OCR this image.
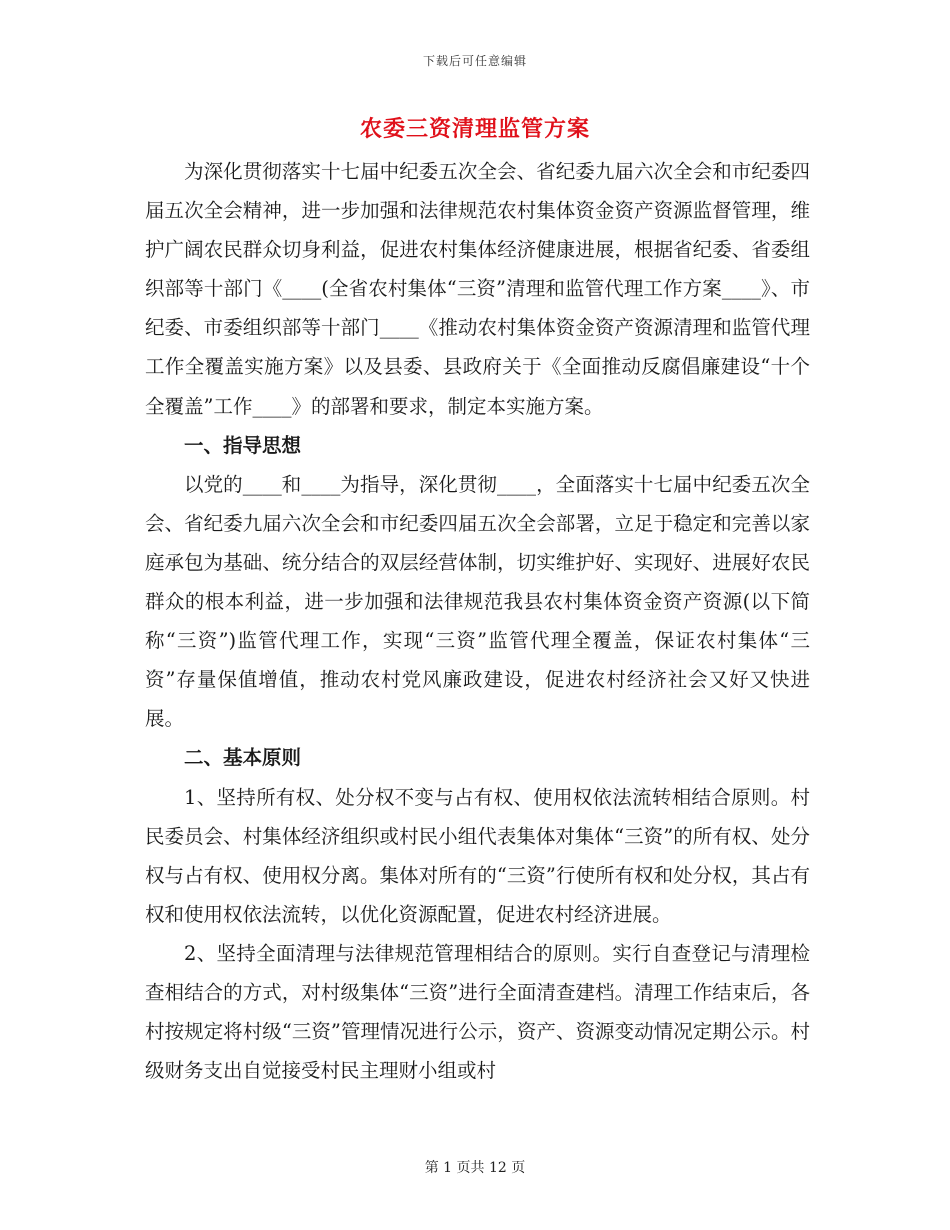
下载后可任意编辑
农委三资清理监管方案

为深化贯彻落实十七届中纪委五次全会、省纪委九届六次全会和市纪委四届五次全会精神，进一步加强和法律规范农村集体资金资产资源监督管理，维护广阔农民群众切身利益，促进农村集体经济健康进展，根据省纪委、省委组织部等十部门《____(全省农村集体“三资”清理和监管代理工作方案____》、市纪委、市委组织部等十部门____《推动农村集体资金资产资源清理和监管代理工作全覆盖实施方案》以及县委、县政府关于《全面推动反腐倡廉建设“十个全覆盖”工作____》的部署和要求，制定本实施方案。

一、指导思想

以党的____和____为指导，深化贯彻____，全面落实十七届中纪委五次全会、省纪委九届六次全会和市纪委四届五次全会部署，立足于稳定和完善以家庭承包为基础、统分结合的双层经营体制，切实维护好、实现好、进展好农民群众的根本利益，进一步加强和法律规范我县农村集体资金资产资源(以下简称“三资”)监管代理工作，实现“三资”监管代理全覆盖，保证农村集体“三资”存量保值增值，推动农村党风廉政建设，促进农村经济社会又好又快进展。

二、基本原则

1、坚持所有权、处分权不变与占有权、使用权依法流转相结合原则。村民委员会、村集体经济组织或村民小组代表集体对集体“三资”的所有权、处分权与占有权、使用权分离。集体对所有的“三资”行使所有权和处分权，其占有权和使用权依法流转，以优化资源配置，促进农村经济进展。

2、坚持全面清理与法律规范管理相结合的原则。实行自查登记与清理检查相结合的方式，对村级集体“三资”进行全面清查建档。清理工作结束后，各村按规定将村级“三资”管理情况进行公示，资产、资源变动情况定期公示。村级财务支出自觉接受村民主理财小组或村

第 1 页共 12 页
